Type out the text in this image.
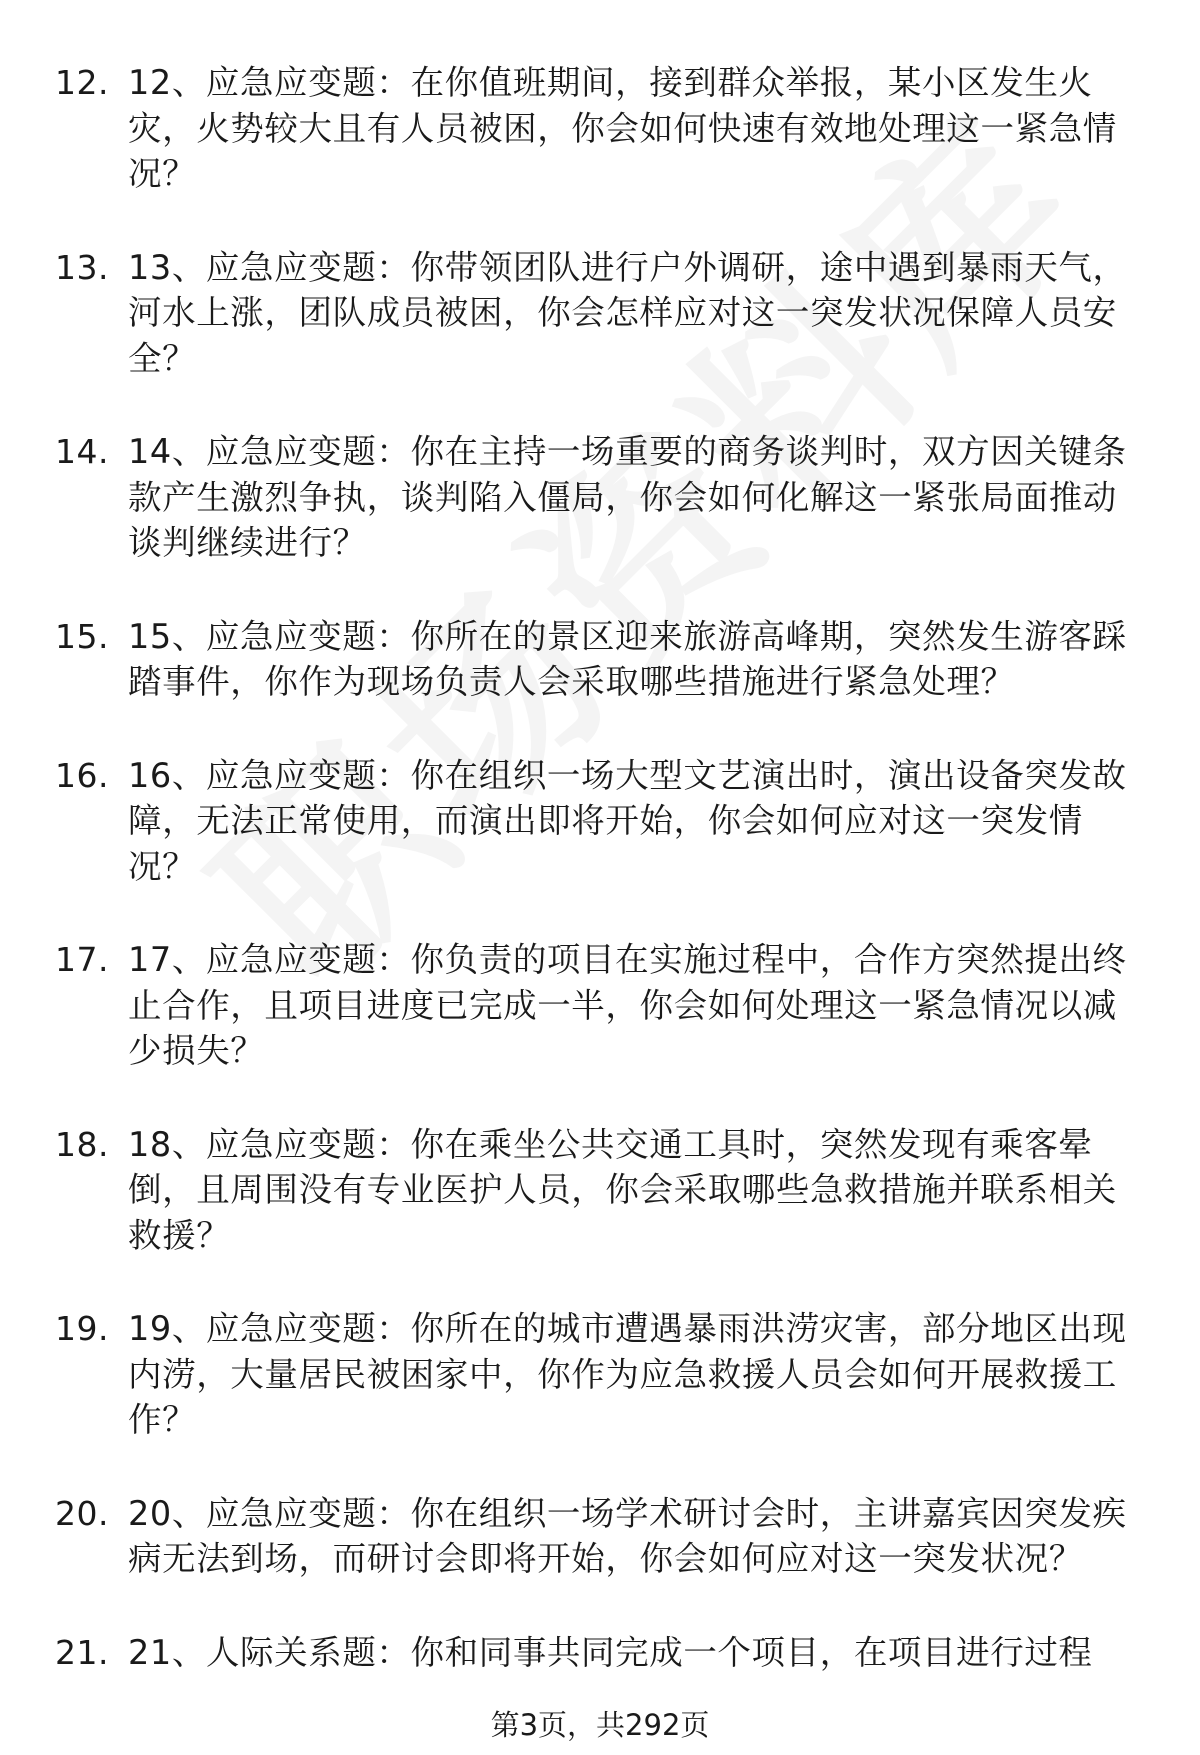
12. 12、应急应变题：在你值班期间，接到群众举报，某小区发生火灾，火势较大且有人员被困，你会如何快速有效地处理这一紧急情况？
13. 13、应急应变题：你带领团队进行户外调研，途中遇到暴雨天气，河水上涨，团队成员被困，你会怎样应对这一突发状况保障人员安全？
14. 14、应急应变题：你在主持一场重要的商务谈判时，双方因关键条款产生激烈争执，谈判陷入僵局，你会如何化解这一紧张局面推动谈判继续进行？
15. 15、应急应变题：你所在的景区迎来旅游高峰期，突然发生游客踩踏事件，你作为现场负责人会采取哪些措施进行紧急处理？
16. 16、应急应变题：你在组织一场大型文艺演出时，演出设备突发故障，无法正常使用，而演出即将开始，你会如何应对这一突发情况？
17. 17、应急应变题：你负责的项目在实施过程中，合作方突然提出终止合作，且项目进度已完成一半，你会如何处理这一紧急情况以减少损失？
18. 18、应急应变题：你在乘坐公共交通工具时，突然发现有乘客晕倒，且周围没有专业医护人员，你会采取哪些急救措施并联系相关救援？
19. 19、应急应变题：你所在的城市遭遇暴雨洪涝灾害，部分地区出现内涝，大量居民被困家中，你作为应急救援人员会如何开展救援工作？
20. 20、应急应变题：你在组织一场学术研讨会时，主讲嘉宾因突发疾病无法到场，而研讨会即将开始，你会如何应对这一突发状况？
21. 21、人际关系题：你和同事共同完成一个项目，在项目进行过程
第3页，共292页
